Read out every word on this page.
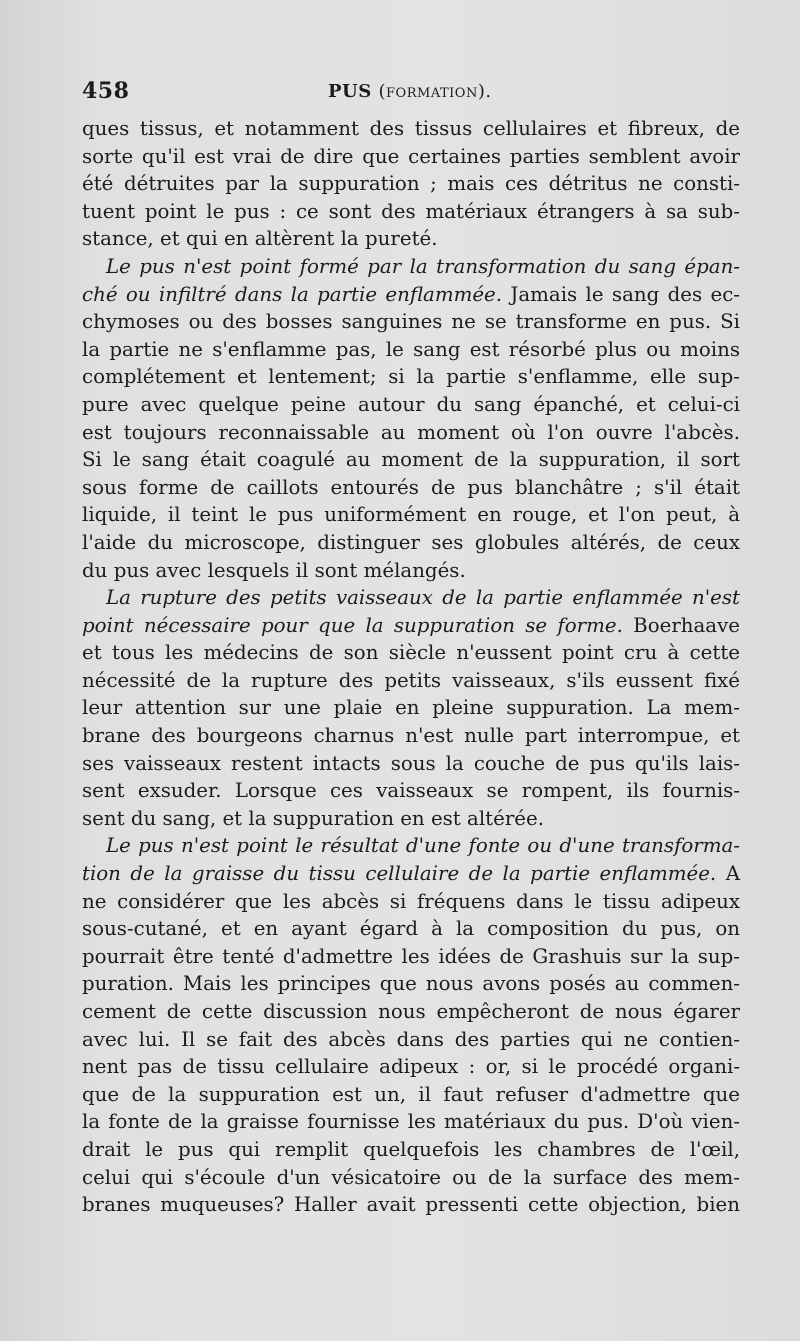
458	PUS (formation).
ques tissus, et notamment des tissus cellulaires et fibreux, de
sorte qu'il est vrai de dire que certaines parties semblent avoir
été détruites par la suppuration ; mais ces détritus ne consti-
tuent point le pus : ce sont des matériaux étrangers à sa sub-
stance, et qui en altèrent la pureté.
Le pus n'est point formé par la transformation du sang épan-
ché ou infiltré dans la partie enflammée. Jamais le sang des ec-
chymoses ou des bosses sanguines ne se transforme en pus. Si
la partie ne s'enflamme pas, le sang est résorbé plus ou moins
complétement et lentement; si la partie s'enflamme, elle sup-
pure avec quelque peine autour du sang épanché, et celui-ci
est toujours reconnaissable au moment où l'on ouvre l'abcès.
Si le sang était coagulé au moment de la suppuration, il sort
sous forme de caillots entourés de pus blanchâtre ; s'il était
liquide, il teint le pus uniformément en rouge, et l'on peut, à
l'aide du microscope, distinguer ses globules altérés, de ceux
du pus avec lesquels il sont mélangés.
La rupture des petits vaisseaux de la partie enflammée n'est
point nécessaire pour que la suppuration se forme. Boerhaave
et tous les médecins de son siècle n'eussent point cru à cette
nécessité de la rupture des petits vaisseaux, s'ils eussent fixé
leur attention sur une plaie en pleine suppuration. La mem-
brane des bourgeons charnus n'est nulle part interrompue, et
ses vaisseaux restent intacts sous la couche de pus qu'ils lais-
sent exsuder. Lorsque ces vaisseaux se rompent, ils fournis-
sent du sang, et la suppuration en est altérée.
Le pus n'est point le résultat d'une fonte ou d'une transforma-
tion de la graisse du tissu cellulaire de la partie enflammée. A
ne considérer que les abcès si fréquens dans le tissu adipeux
sous-cutané, et en ayant égard à la composition du pus, on
pourrait être tenté d'admettre les idées de Grashuis sur la sup-
puration. Mais les principes que nous avons posés au commen-
cement de cette discussion nous empêcheront de nous égarer
avec lui. Il se fait des abcès dans des parties qui ne contien-
nent pas de tissu cellulaire adipeux : or, si le procédé organi-
que de la suppuration est un, il faut refuser d'admettre que
la fonte de la graisse fournisse les matériaux du pus. D'où vien-
drait le pus qui remplit quelquefois les chambres de l'œil,
celui qui s'écoule d'un vésicatoire ou de la surface des mem-
branes muqueuses? Haller avait pressenti cette objection, bien
